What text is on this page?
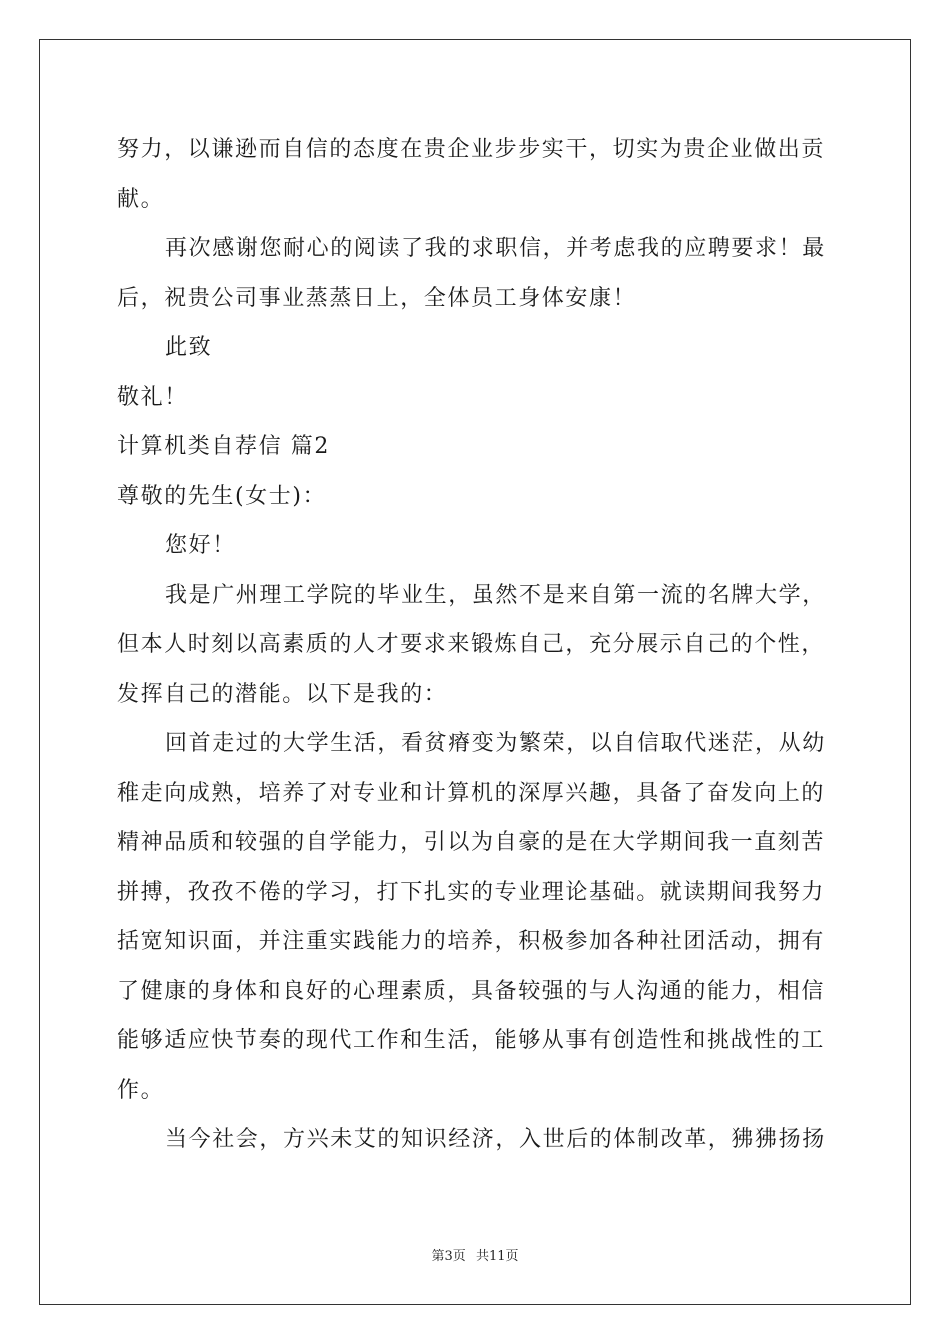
努力，以谦逊而自信的态度在贵企业步步实干，切实为贵企业做出贡
献。
再次感谢您耐心的阅读了我的求职信，并考虑我的应聘要求！最
后，祝贵公司事业蒸蒸日上，全体员工身体安康！
此致
敬礼！
计算机类自荐信 篇2
尊敬的先生(女士)：
您好！
我是广州理工学院的毕业生，虽然不是来自第一流的名牌大学，
但本人时刻以高素质的人才要求来锻炼自己，充分展示自己的个性，
发挥自己的潜能。以下是我的：
回首走过的大学生活，看贫瘠变为繁荣，以自信取代迷茫，从幼
稚走向成熟，培养了对专业和计算机的深厚兴趣，具备了奋发向上的
精神品质和较强的自学能力，引以为自豪的是在大学期间我一直刻苦
拼搏，孜孜不倦的学习，打下扎实的专业理论基础。就读期间我努力
括宽知识面，并注重实践能力的培养，积极参加各种社团活动，拥有
了健康的身体和良好的心理素质，具备较强的与人沟通的能力，相信
能够适应快节奏的现代工作和生活，能够从事有创造性和挑战性的工
作。
当今社会，方兴未艾的知识经济，入世后的体制改革，狒狒扬扬
第3页 共11页
